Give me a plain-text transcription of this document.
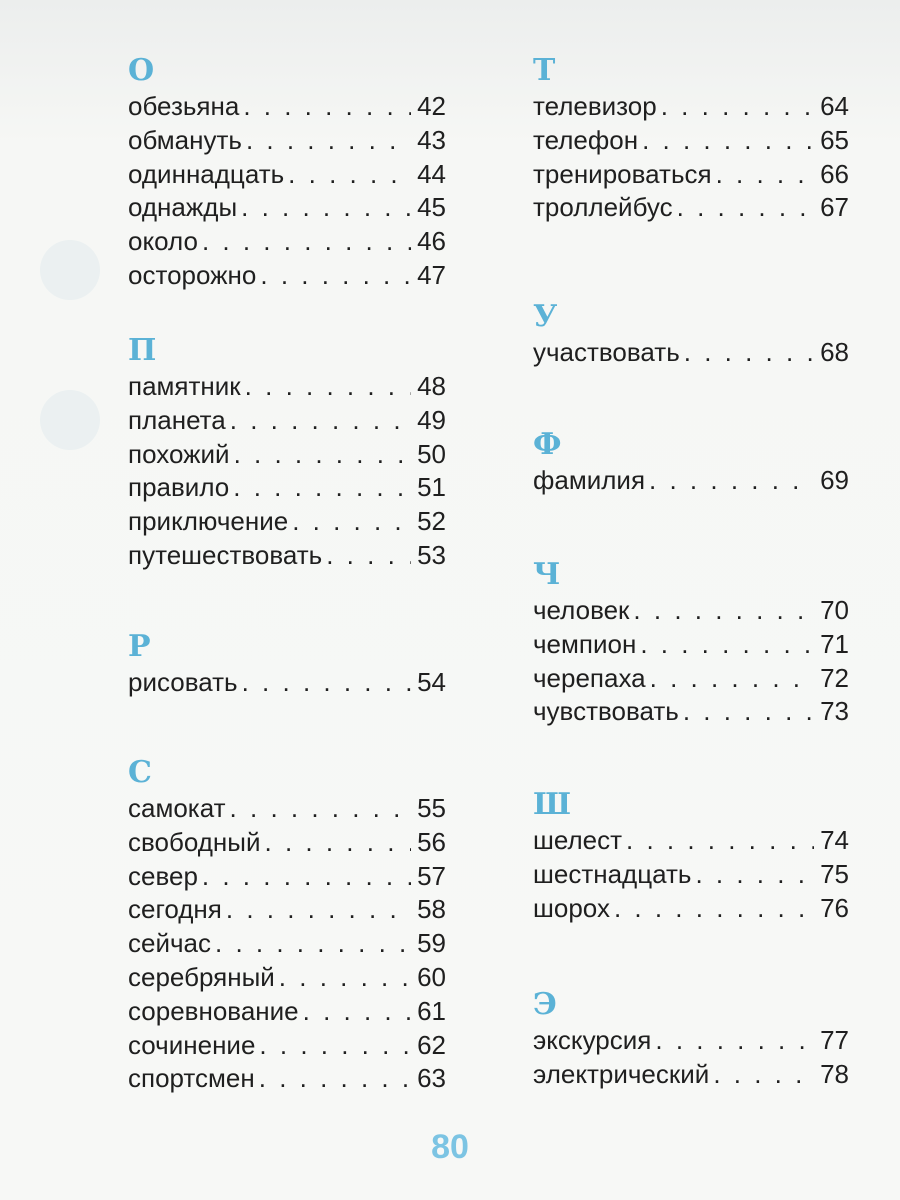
О
обезьяна . . .	42
обмануть . . .	43
одиннадцать . . .	44
однажды . . .	45
около . . .	46
осторожно . . .	47
П
памятник . . .	48
планета . . .	49
похожий . . .	50
правило . . .	51
приключение . . .	52
путешествовать . . .	53
Р
рисовать . . .	54
С
самокат . . .	55
свободный . . .	56
север . . .	57
сегодня . . .	58
сейчас . . .	59
серебряный . . .	60
соревнование . . .	61
сочинение . . .	62
спортсмен . . .	63
Т
телевизор . . .	64
телефон . . .	65
тренироваться . . .	66
троллейбус . . .	67
У
участвовать . . .	68
Ф
фамилия . . .	69
Ч
человек . . .	70
чемпион . . .	71
черепаха . . .	72
чувствовать . . .	73
Ш
шелест . . .	74
шестнадцать . . .	75
шорох . . .	76
Э
экскурсия . . .	77
электрический . . .	78
80
